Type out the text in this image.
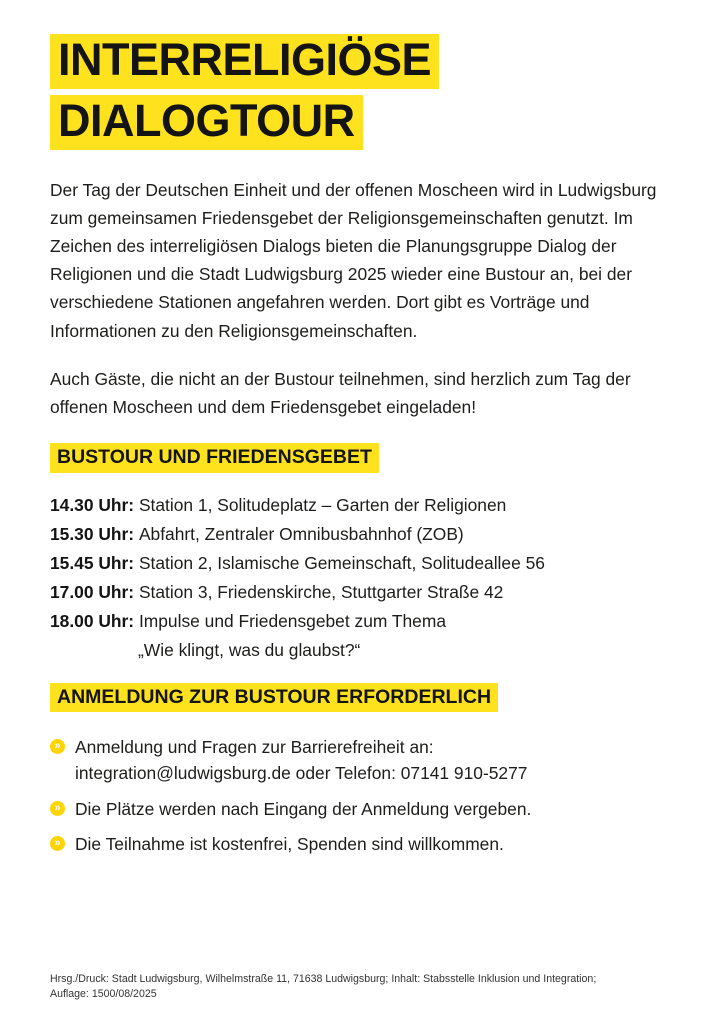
INTERRELIGIÖSE DIALOGTOUR

Der Tag der Deutschen Einheit und der offenen Moscheen wird in Ludwigsburg zum gemeinsamen Friedensgebet der Religionsgemeinschaften genutzt. Im Zeichen des interreligiösen Dialogs bieten die Planungsgruppe Dialog der Religionen und die Stadt Ludwigsburg 2025 wieder eine Bustour an, bei der verschiedene Stationen angefahren werden. Dort gibt es Vorträge und Informationen zu den Religionsgemeinschaften.

Auch Gäste, die nicht an der Bustour teilnehmen, sind herzlich zum Tag der offenen Moscheen und dem Friedensgebet eingeladen!

BUSTOUR UND FRIEDENSGEBET
14.30 Uhr: Station 1, Solitudeplatz – Garten der Religionen
15.30 Uhr: Abfahrt, Zentraler Omnibusbahnhof (ZOB)
15.45 Uhr: Station 2, Islamische Gemeinschaft, Solitudeallee 56
17.00 Uhr: Station 3, Friedenskirche, Stuttgarter Straße 42
18.00 Uhr: Impulse und Friedensgebet zum Thema
„Wie klingt, was du glaubst?“
ANMELDUNG ZUR BUSTOUR ERFORDERLICH
»
Anmeldung und Fragen zur Barrierefreiheit an:
integration@ludwigsburg.de oder Telefon: 07141 910-5277
»
Die Plätze werden nach Eingang der Anmeldung vergeben.
»
Die Teilnahme ist kostenfrei, Spenden sind willkommen.
Hrsg./Druck: Stadt Ludwigsburg, Wilhelmstraße 11, 71638 Ludwigsburg; Inhalt: Stabsstelle Inklusion und Integration;
Auflage: 1500/08/2025
